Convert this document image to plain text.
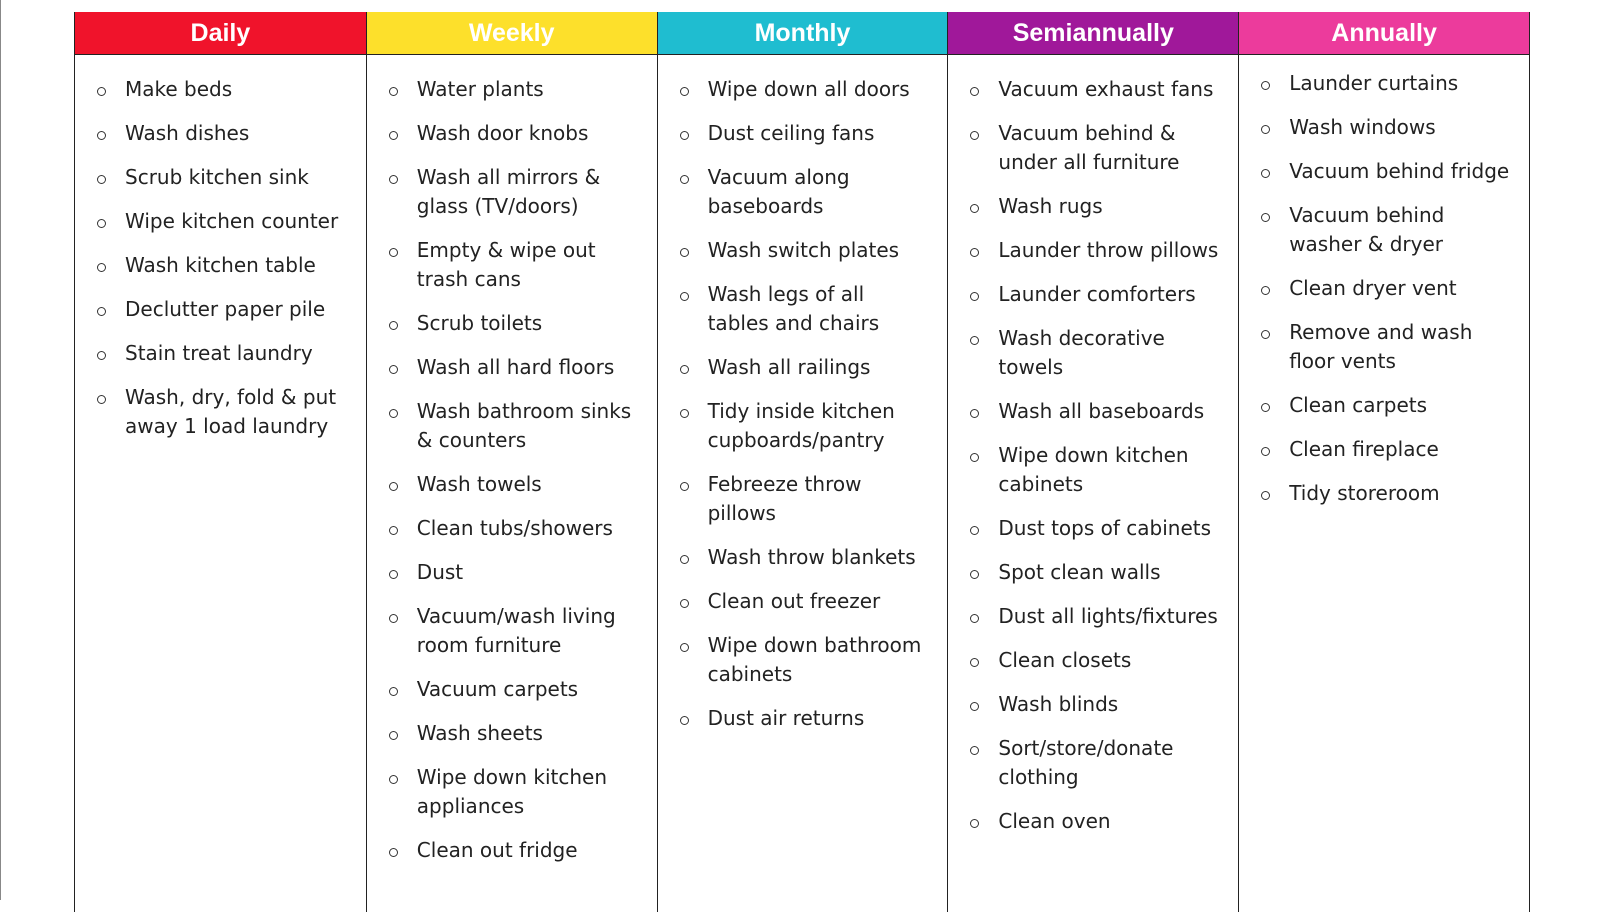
Daily
Make beds
Wash dishes
Scrub kitchen sink
Wipe kitchen counter
Wash kitchen table
Declutter paper pile
Stain treat laundry
Wash, dry, fold & put away 1 load laundry
Weekly
Water plants
Wash door knobs
Wash all mirrors & glass (TV/doors)
Empty & wipe out trash cans
Scrub toilets
Wash all hard floors
Wash bathroom sinks & counters
Wash towels
Clean tubs/showers
Dust
Vacuum/wash living room furniture
Vacuum carpets
Wash sheets
Wipe down kitchen appliances
Clean out fridge
Monthly
Wipe down all doors
Dust ceiling fans
Vacuum along baseboards
Wash switch plates
Wash legs of all tables and chairs
Wash all railings
Tidy inside kitchen cupboards/pantry
Febreeze throw pillows
Wash throw blankets
Clean out freezer
Wipe down bathroom cabinets
Dust air returns
Semiannually
Vacuum exhaust fans
Vacuum behind & under all furniture
Wash rugs
Launder throw pillows
Launder comforters
Wash decorative towels
Wash all baseboards
Wipe down kitchen cabinets
Dust tops of cabinets
Spot clean walls
Dust all lights/fixtures
Clean closets
Wash blinds
Sort/store/donate clothing
Clean oven
Annually
Launder curtains
Wash windows
Vacuum behind fridge
Vacuum behind washer & dryer
Clean dryer vent
Remove and wash floor vents
Clean carpets
Clean fireplace
Tidy storeroom
